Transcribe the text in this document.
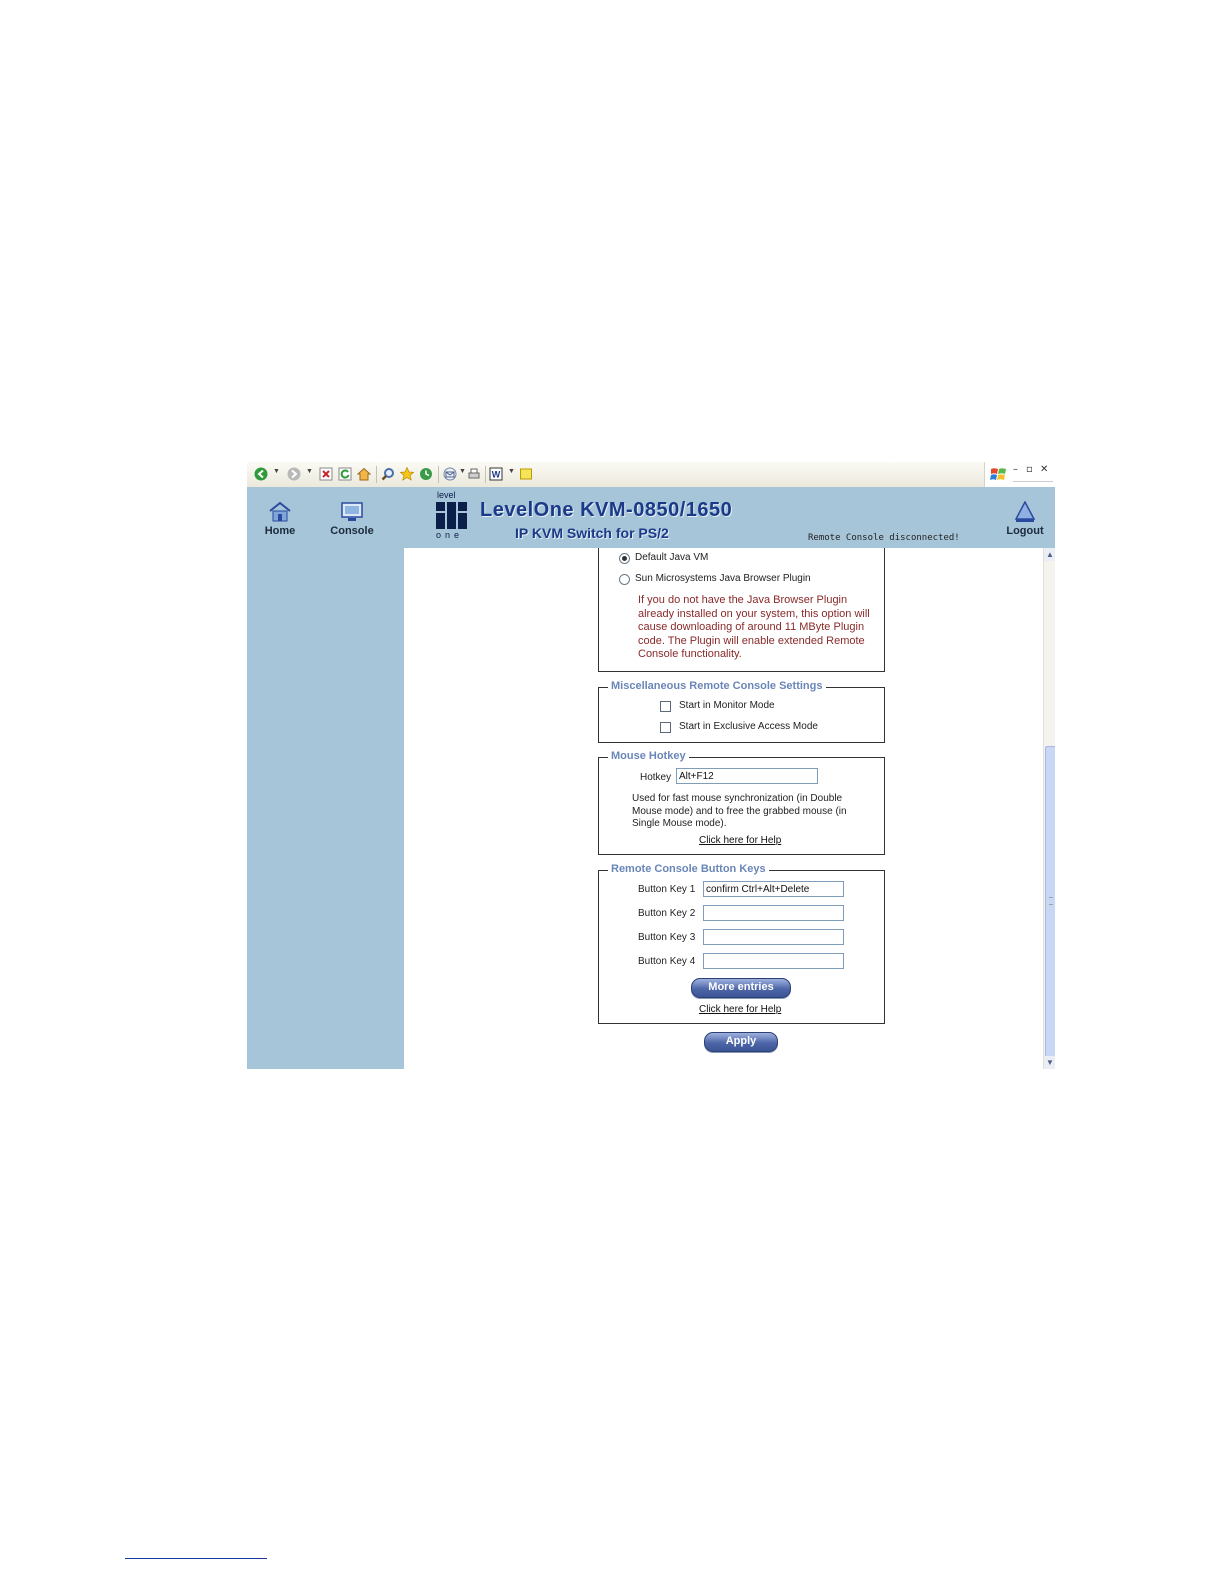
▼	▼	▼	W ▼	– ▫ ✕
Home	Console
level
one
LevelOne KVM-0850/1650
IP KVM Switch for PS/2	Remote Console disconnected!
Logout
Default Java VM
Sun Microsystems Java Browser Plugin
If you do not have the Java Browser Plugin already installed on your system, this option will cause downloading of around 11 MByte Plugin code. The Plugin will enable extended Remote Console functionality.
Miscellaneous Remote Console Settings
Start in Monitor Mode
Start in Exclusive Access Mode
Mouse Hotkey
Hotkey Alt+F12
Used for fast mouse synchronization (in Double Mouse mode) and to free the grabbed mouse (in Single Mouse mode).
Click here for Help
Remote Console Button Keys
Button Key 1	confirm Ctrl+Alt+Delete
Button Key 2
Button Key 3
Button Key 4
More entries
Click here for Help
Apply
▲
▼
